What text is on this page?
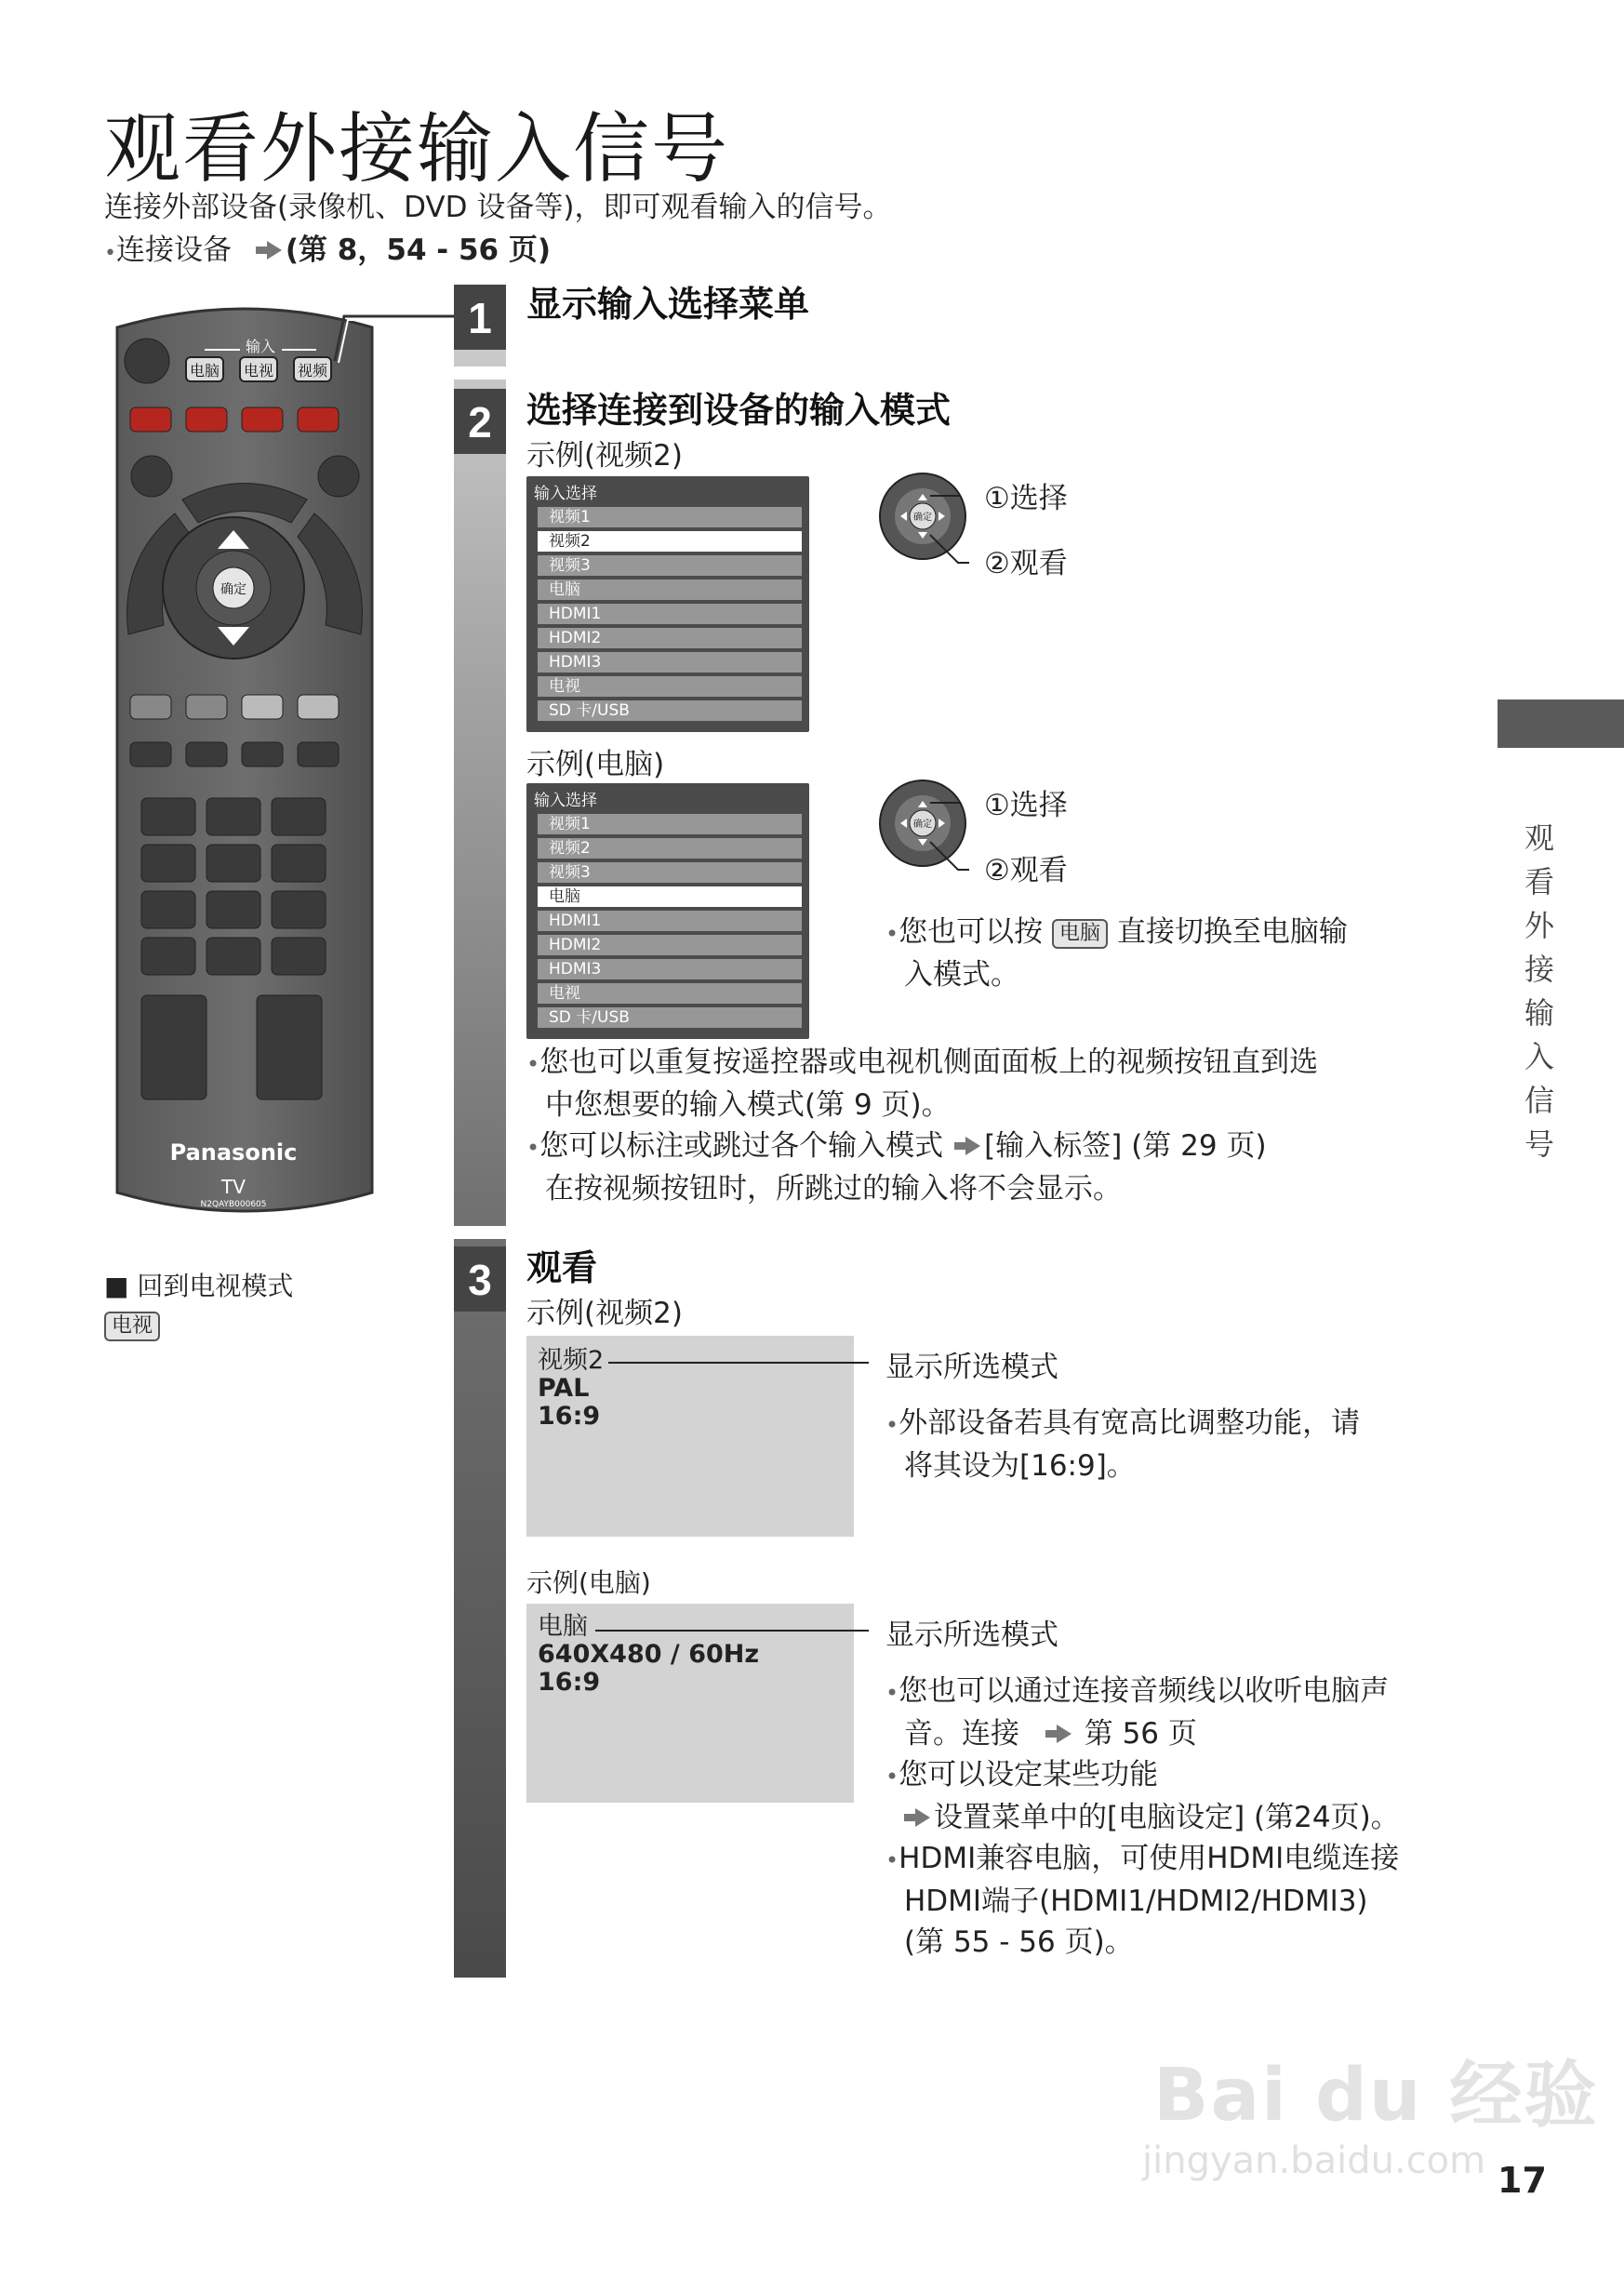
观看外接输入信号
连接外部设备(录像机、DVD 设备等)，即可观看输入的信号。
•连接设备 (第 8，54 - 56 页)
输入
电脑 电视 视频
确定
Panasonic
TV
N2QAYB000605
■ 回到电视模式
电视
1
2
3
显示输入选择菜单
选择连接到设备的输入模式
示例(视频2)
输入选择
视频1
视频2
视频3
电脑
HDMI1
HDMI2
HDMI3
电视
SD 卡/USB
确定
①选择
②观看
示例(电脑)
输入选择
视频1
视频2
视频3
电脑
HDMI1
HDMI2
HDMI3
电视
SD 卡/USB
确定
①选择
②观看
•您也可以按 电脑 直接切换至电脑输
入模式。
•您也可以重复按遥控器或电视机侧面面板上的视频按钮直到选
中您想要的输入模式(第 9 页)。
•您可以标注或跳过各个输入模式 [输入标签] (第 29 页)
在按视频按钮时，所跳过的输入将不会显示。
观看
示例(视频2)
视频2
PAL
16:9
显示所选模式
•外部设备若具有宽高比调整功能，请
将其设为[16:9]。
示例(电脑)
电脑
640X480 / 60Hz
16:9
显示所选模式
•您也可以通过连接音频线以收听电脑声
音。连接 第 56 页
•您可以设定某些功能
设置菜单中的[电脑设定] (第24页)。
•HDMI兼容电脑，可使用HDMI电缆连接
HDMI端子(HDMI1/HDMI2/HDMI3)
(第 55 - 56 页)。
观看外接输入信号
Bai du 经验
jingyan.baidu.com 17
